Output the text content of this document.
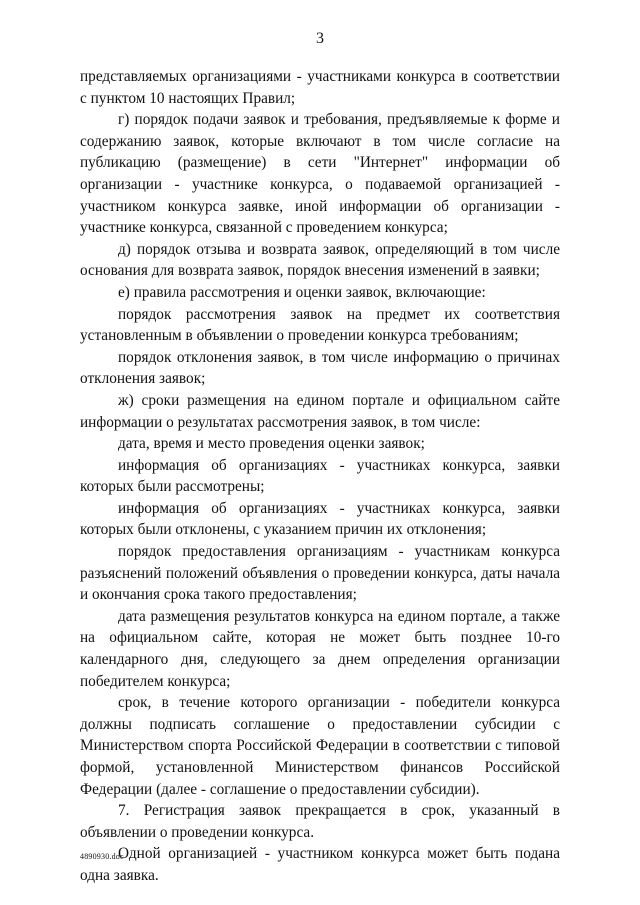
3

представляемых организациями - участниками конкурса в соответствии с пунктом 10 настоящих Правил;

г) порядок подачи заявок и требования, предъявляемые к форме и содержанию заявок, которые включают в том числе согласие на публикацию (размещение) в сети "Интернет" информации об организации - участнике конкурса, о подаваемой организацией - участником конкурса заявке, иной информации об организации - участнике конкурса, связанной с проведением конкурса;

д) порядок отзыва и возврата заявок, определяющий в том числе основания для возврата заявок, порядок внесения изменений в заявки;

е) правила рассмотрения и оценки заявок, включающие:

порядок рассмотрения заявок на предмет их соответствия установленным в объявлении о проведении конкурса требованиям;

порядок отклонения заявок, в том числе информацию о причинах отклонения заявок;

ж) сроки размещения на едином портале и официальном сайте информации о результатах рассмотрения заявок, в том числе:

дата, время и место проведения оценки заявок;

информация об организациях - участниках конкурса, заявки которых были рассмотрены;

информация об организациях - участниках конкурса, заявки которых были отклонены, с указанием причин их отклонения;

порядок предоставления организациям - участникам конкурса разъяснений положений объявления о проведении конкурса, даты начала и окончания срока такого предоставления;

дата размещения результатов конкурса на едином портале, а также на официальном сайте, которая не может быть позднее 10-го календарного дня, следующего за днем определения организации победителем конкурса;

срок, в течение которого организации - победители конкурса должны подписать соглашение о предоставлении субсидии с Министерством спорта Российской Федерации в соответствии с типовой формой, установленной Министерством финансов Российской Федерации (далее - соглашение о предоставлении субсидии).

7. Регистрация заявок прекращается в срок, указанный в объявлении о проведении конкурса.

Одной организацией - участником конкурса может быть подана одна заявка.

4890930.doc
